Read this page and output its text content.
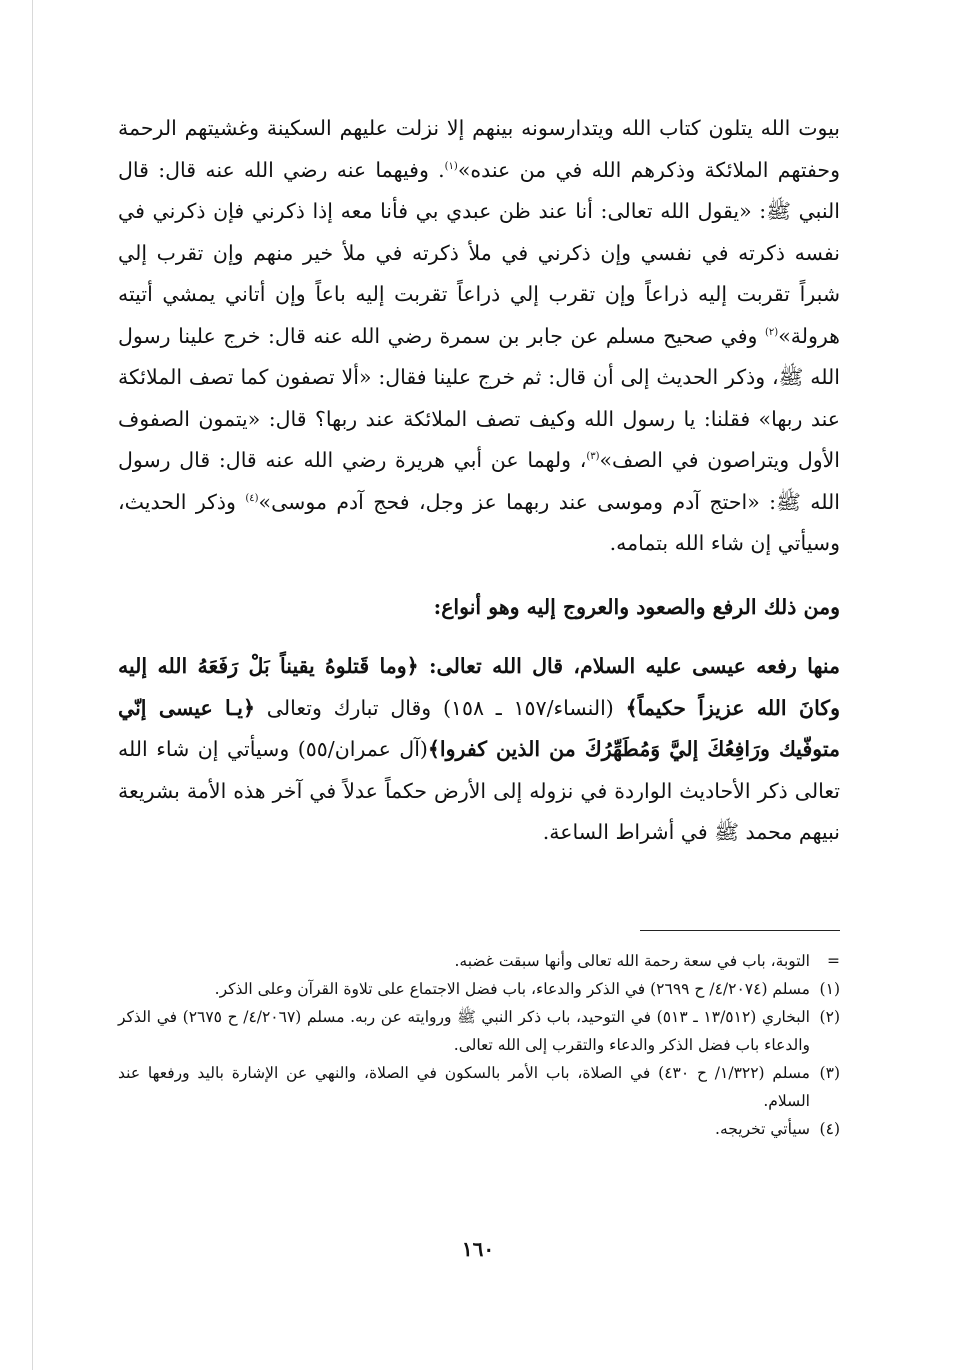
بيوت الله يتلون كتاب الله ويتدارسونه بينهم إلا نزلت عليهم السكينة وغشيتهم الرحمة وحفتهم الملائكة وذكرهم الله في من عنده»$^{(١)}$. وفيهما عنه رضي الله عنه قال: قال النبي ﷺ: «يقول الله تعالى: أنا عند ظن عبدي بي فأنا معه إذا ذكرني فإن ذكرني في نفسه ذكرته في نفسي وإن ذكرني في ملأ ذكرته في ملأ خير منهم وإن تقرب إلي شبراً تقربت إليه ذراعاً وإن تقرب إلي ذراعاً تقربت إليه باعاً وإن أتاني يمشي أتيته هرولة»$^{(٢)}$ وفي صحيح مسلم عن جابر بن سمرة رضي الله عنه قال: خرج علينا رسول الله ﷺ، وذكر الحديث إلى أن قال: ثم خرج علينا فقال: «ألا تصفون كما تصف الملائكة عند ربها» فقلنا: يا رسول الله وكيف تصف الملائكة عند ربها؟ قال: «يتمون الصفوف الأول ويتراصون في الصف»$^{(٣)}$، ولهما عن أبي هريرة رضي الله عنه قال: قال رسول الله ﷺ: «احتج آدم وموسى عند ربهما عز وجل، فحج آدم موسى»$^{(٤)}$ وذكر الحديث، وسيأتي إن شاء الله بتمامه.

ومن ذلك الرفع والصعود والعروج إليه وهو أنواع:

منها رفعه عيسى عليه السلام، قال الله تعالى: ﴿وما قَتلوهُ يقيناً بَلْ رَفَعَهُ الله إليه وكانَ الله عزيزاً حكيماً﴾ (النساء/١٥٧ ـ ١٥٨) وقال تبارك وتعالى ﴿يـا عيسى إنّي متوفّيك ورَافِعُكَ إليَّ وَمُطَهِّرُكَ من الذين كفروا﴾(آل عمران/٥٥) وسيأتي إن شاء الله تعالى ذكر الأحاديث الواردة في نزوله إلى الأرض حكماً عدلاً في آخر هذه الأمة بشريعة نبيهم محمد ﷺ في أشراط الساعة.

=
التوبة، باب في سعة رحمة الله تعالى وأنها سبقت غضبه.
(١)
مسلم (٤/٢٠٧٤/ ح ٢٦٩٩) في الذكر والدعاء، باب فضل الاجتماع على تلاوة القرآن وعلى الذكر.
(٢)
البخاري (١٣/٥١٢ ـ ٥١٣) في التوحيد، باب ذكر النبي ﷺ وروايته عن ربه. مسلم (٤/٢٠٦٧/ ح ٢٦٧٥) في الذكر والدعاء باب فضل الذكر والدعاء والتقرب إلى الله تعالى.
(٣)
مسلم (١/٣٢٢/ ح ٤٣٠) في الصلاة، باب الأمر بالسكون في الصلاة، والنهي عن الإشارة باليد ورفعها عند السلام.
(٤)
سيأتي تخريجه.
١٦٠
